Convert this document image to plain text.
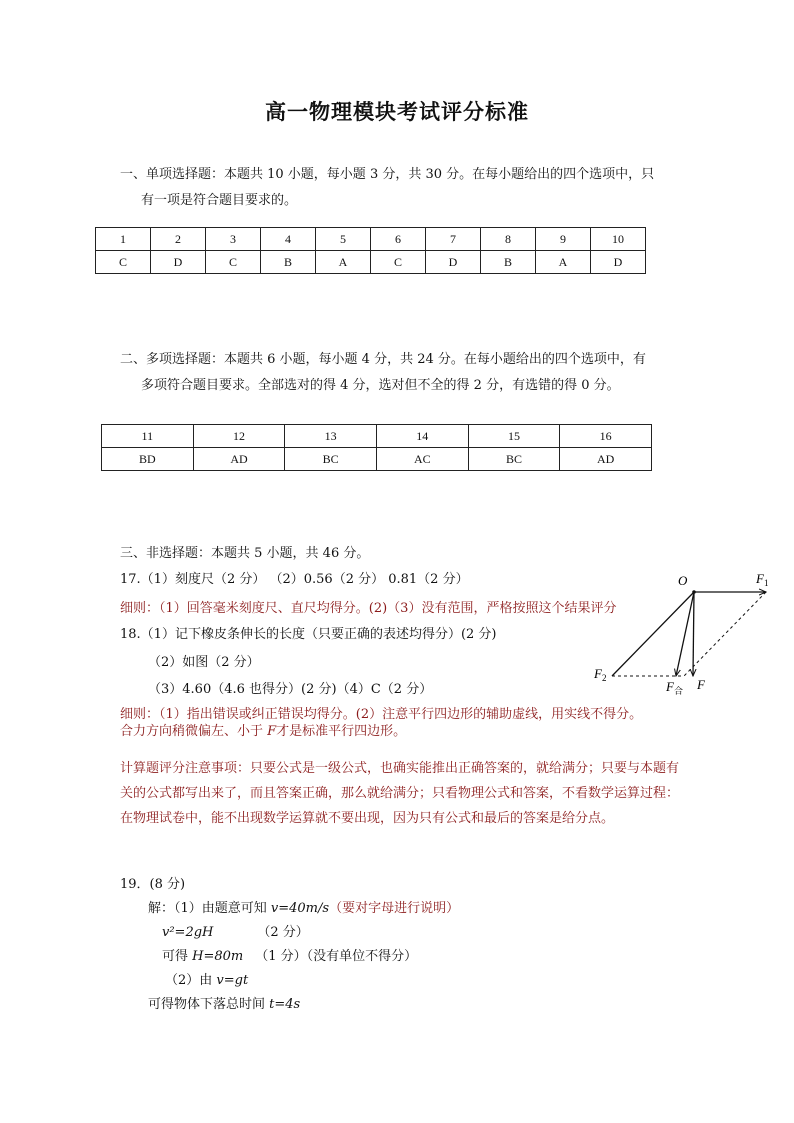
高一物理模块考试评分标准
一、单项选择题：本题共 10 小题，每小题 3 分，共 30 分。在每小题给出的四个选项中，只
有一项是符合题目要求的。
1	2	3	4	5	6	7	8	9	10
C	D	C	B	A	C	D	B	A	D
二、多项选择题：本题共 6 小题，每小题 4 分，共 24 分。在每小题给出的四个选项中，有
多项符合题目要求。全部选对的得 4 分，选对但不全的得 2 分，有选错的得 0 分。
11	12	13	14	15	16
BD	AD	BC	AC	BC	AD
三、非选择题：本题共 5 小题，共 46 分。
17.（1）刻度尺（2 分） （2）0.56（2 分） 0.81（2 分）
细则：（1）回答毫米刻度尺、直尺均得分。(2)（3）没有范围，严格按照这个结果评分
18.（1）记下橡皮条伸长的长度（只要正确的表述均得分）(2 分)
（2）如图（2 分）
（3）4.60（4.6 也得分）(2 分)（4）C（2 分）
细则：（1）指出错误或纠正错误均得分。(2）注意平行四边形的辅助虚线，用实线不得分。
合力方向稍微偏左、小于 F才是标准平行四边形。
计算题评分注意事项：只要公式是一级公式，也确实能推出正确答案的，就给满分；只要与本题有关的公式都写出来了，而且答案正确，那么就给满分；只看物理公式和答案，不看数学运算过程：在物理试卷中，能不出现数学运算就不要出现，因为只有公式和最后的答案是给分点。
19．(8 分)
解：（1）由题意可知 v=40m/s（要对字母进行说明）
v²=2gH	（2 分）
可得 H=80m （1 分）（没有单位不得分）
（2）由 v=gt
可得物体下落总时间 t=4s
O	$F_1$
$F_2$
$F_合$ F
